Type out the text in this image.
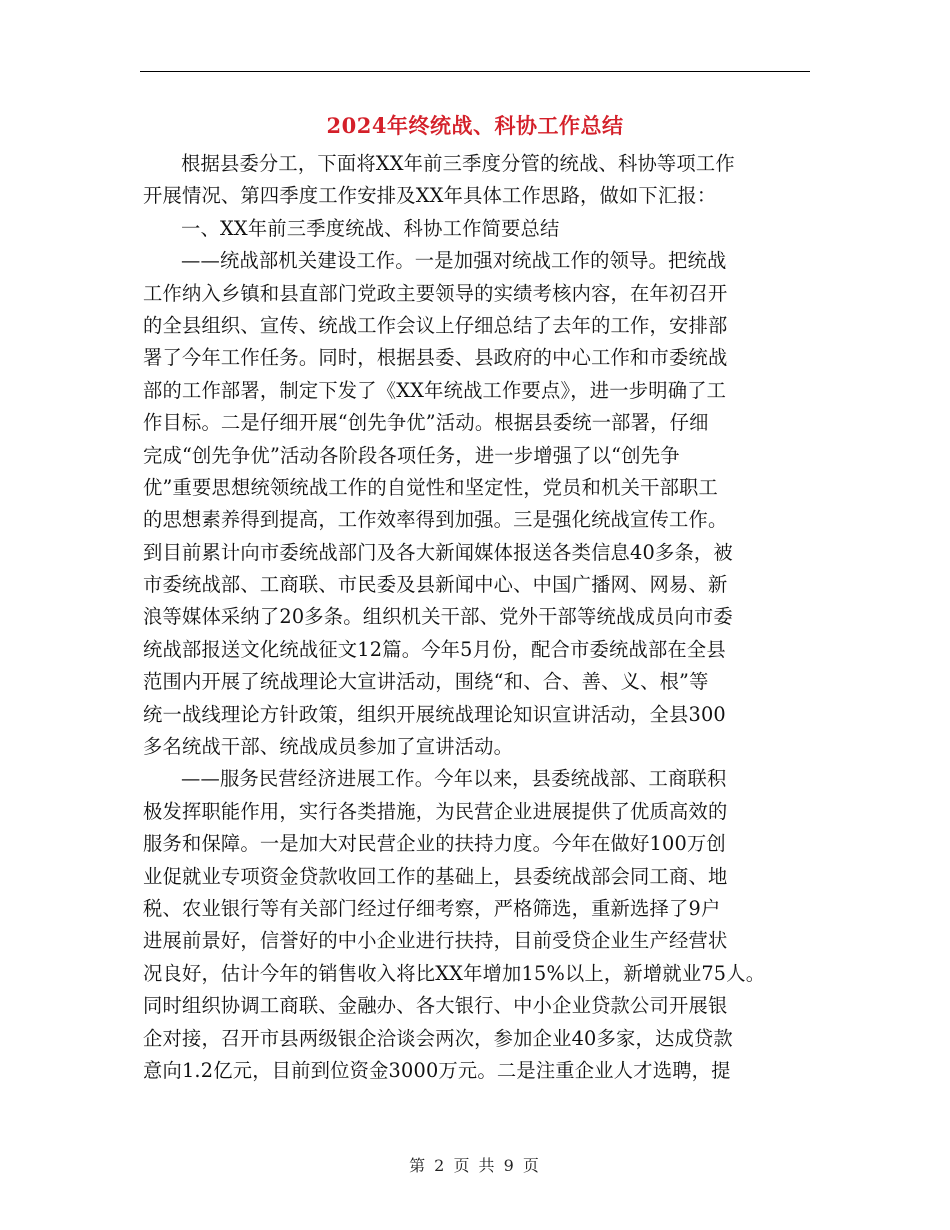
2024年终统战、科协工作总结
根据县委分工，下面将XX年前三季度分管的统战、科协等项工作
开展情况、第四季度工作安排及XX年具体工作思路，做如下汇报：
一、XX年前三季度统战、科协工作简要总结
——统战部机关建设工作。一是加强对统战工作的领导。把统战
工作纳入乡镇和县直部门党政主要领导的实绩考核内容，在年初召开
的全县组织、宣传、统战工作会议上仔细总结了去年的工作，安排部
署了今年工作任务。同时，根据县委、县政府的中心工作和市委统战
部的工作部署，制定下发了《XX年统战工作要点》，进一步明确了工
作目标。二是仔细开展“创先争优”活动。根据县委统一部署，仔细
完成“创先争优”活动各阶段各项任务，进一步增强了以“创先争
优”重要思想统领统战工作的自觉性和坚定性，党员和机关干部职工
的思想素养得到提高，工作效率得到加强。三是强化统战宣传工作。
到目前累计向市委统战部门及各大新闻媒体报送各类信息40多条，被
市委统战部、工商联、市民委及县新闻中心、中国广播网、网易、新
浪等媒体采纳了20多条。组织机关干部、党外干部等统战成员向市委
统战部报送文化统战征文12篇。今年5月份，配合市委统战部在全县
范围内开展了统战理论大宣讲活动，围绕“和、合、善、义、根”等
统一战线理论方针政策，组织开展统战理论知识宣讲活动，全县300
多名统战干部、统战成员参加了宣讲活动。
——服务民营经济进展工作。今年以来，县委统战部、工商联积
极发挥职能作用，实行各类措施，为民营企业进展提供了优质高效的
服务和保障。一是加大对民营企业的扶持力度。今年在做好100万创
业促就业专项资金贷款收回工作的基础上，县委统战部会同工商、地
税、农业银行等有关部门经过仔细考察，严格筛选，重新选择了9户
进展前景好，信誉好的中小企业进行扶持，目前受贷企业生产经营状
况良好，估计今年的销售收入将比XX年增加15%以上，新增就业75人。
同时组织协调工商联、金融办、各大银行、中小企业贷款公司开展银
企对接，召开市县两级银企洽谈会两次，参加企业40多家，达成贷款
意向1.2亿元，目前到位资金3000万元。二是注重企业人才选聘，提
第 2 页 共 9 页
